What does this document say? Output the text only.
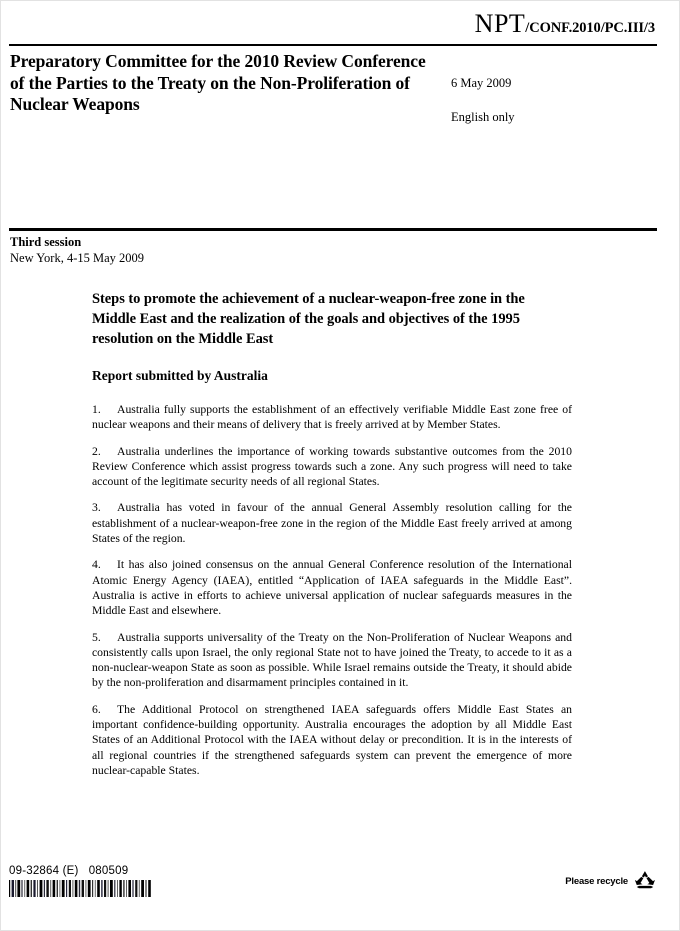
NPT/CONF.2010/PC.III/3
Preparatory Committee for the 2010 Review Conference of the Parties to the Treaty on the Non-Proliferation of Nuclear Weapons

6 May 2009

English only

Third session
New York, 4-15 May 2009
Steps to promote the achievement of a nuclear-weapon-free zone in the Middle East and the realization of the goals and objectives of the 1995 resolution on the Middle East
Report submitted by Australia
1. Australia fully supports the establishment of an effectively verifiable Middle East zone free of nuclear weapons and their means of delivery that is freely arrived at by Member States.
2. Australia underlines the importance of working towards substantive outcomes from the 2010 Review Conference which assist progress towards such a zone. Any such progress will need to take account of the legitimate security needs of all regional States.
3. Australia has voted in favour of the annual General Assembly resolution calling for the establishment of a nuclear-weapon-free zone in the region of the Middle East freely arrived at among States of the region.
4. It has also joined consensus on the annual General Conference resolution of the International Atomic Energy Agency (IAEA), entitled “Application of IAEA safeguards in the Middle East”. Australia is active in efforts to achieve universal application of nuclear safeguards measures in the Middle East and elsewhere.
5. Australia supports universality of the Treaty on the Non-Proliferation of Nuclear Weapons and consistently calls upon Israel, the only regional State not to have joined the Treaty, to accede to it as a non-nuclear-weapon State as soon as possible. While Israel remains outside the Treaty, it should abide by the non-proliferation and disarmament principles contained in it.
6. The Additional Protocol on strengthened IAEA safeguards offers Middle East States an important confidence-building opportunity. Australia encourages the adoption by all Middle East States of an Additional Protocol with the IAEA without delay or precondition. It is in the interests of all regional countries if the strengthened safeguards system can prevent the emergence of more nuclear-capable States.

09-32864 (E)   080509

Please recycle
